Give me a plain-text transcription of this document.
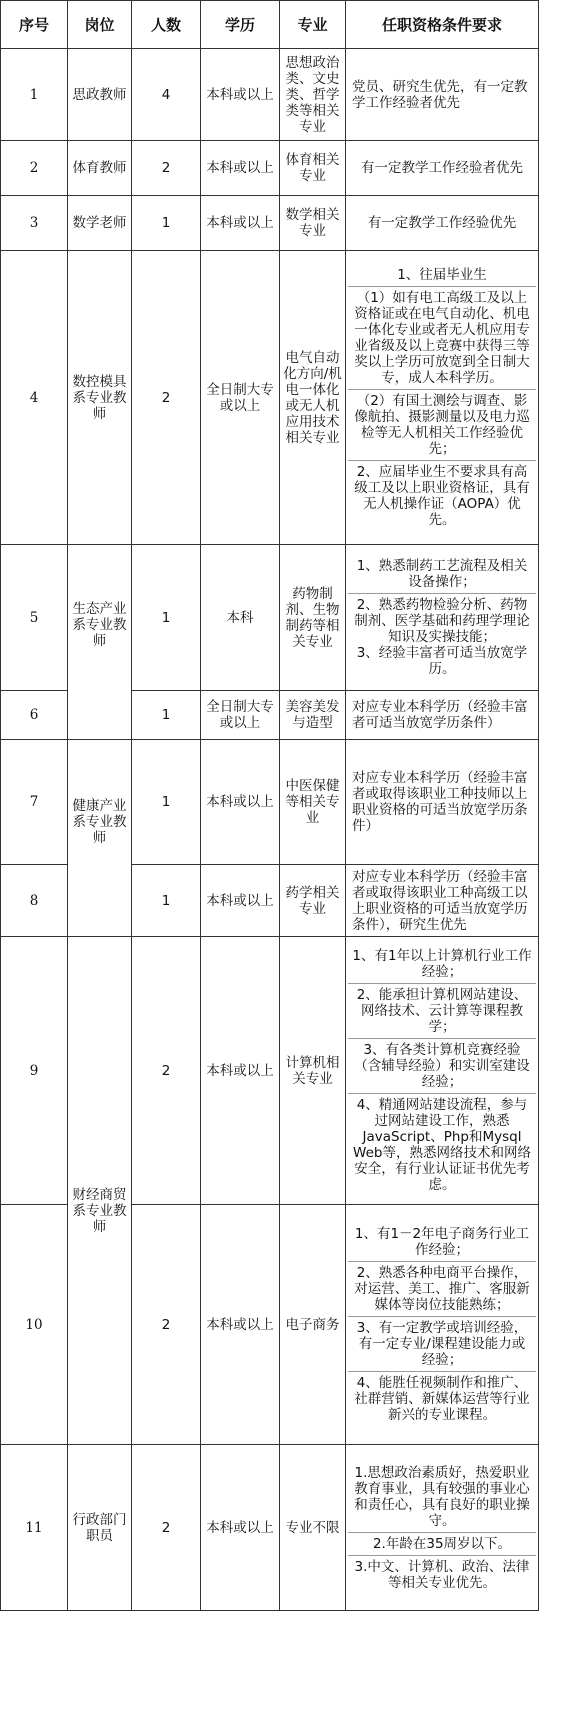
序号	岗位	人数	学历	专业	任职资格条件要求
1	思政教师	4	本科或以上	思想政治类、文史类、哲学类等相关专业	党员、研究生优先，有一定教学工作经验者优先

2	体育教师	2	本科或以上	体育相关专业	有一定教学工作经验者优先

3	数学老师	1	本科或以上	数学相关专业	有一定教学工作经验优先

4	数控模具系专业教师	2	全日制大专或以上	电气自动化方向/机电一体化或无人机应用技术相关专业	1、往届毕业生
（1）如有电工高级工及以上资格证或在电气自动化、机电一体化专业或者无人机应用专业省级及以上竞赛中获得三等奖以上学历可放宽到全日制大专，成人本科学历。
（2）有国土测绘与调查、影像航拍、摄影测量以及电力巡检等无人机相关工作经验优先；
2、应届毕业生不要求具有高级工及以上职业资格证，具有无人机操作证（AOPA）优先。

5	生态产业系专业教师	1	本科	药物制剂、生物制药等相关专业	1、熟悉制药工艺流程及相关设备操作；
2、熟悉药物检验分析、药物制剂、医学基础和药理学理论知识及实操技能；
3、经验丰富者可适当放宽学历。

6		1	全日制大专或以上	美容美发与造型	对应专业本科学历（经验丰富者可适当放宽学历条件）

7	健康产业系专业教师	1	本科或以上	中医保健等相关专业	对应专业本科学历（经验丰富者或取得该职业工种技师以上职业资格的可适当放宽学历条件）

8		1	本科或以上	药学相关专业	对应专业本科学历（经验丰富者或取得该职业工种高级工以上职业资格的可适当放宽学历条件），研究生优先

9	财经商贸系专业教师	2	本科或以上	计算机相关专业	1、有1年以上计算机行业工作经验；
2、能承担计算机网站建设、网络技术、云计算等课程教学；
3、有各类计算机竞赛经验（含辅导经验）和实训室建设经验；
4、精通网站建设流程，参与过网站建设工作，熟悉JavaScript、Php和Mysql Web等，熟悉网络技术和网络安全，有行业认证证书优先考虑。

10		2	本科或以上	电子商务	1、有1－2年电子商务行业工作经验；
2、熟悉各种电商平台操作，对运营、美工、推广、客服新媒体等岗位技能熟练；
3、有一定教学或培训经验，有一定专业/课程建设能力或经验；
4、能胜任视频制作和推广、社群营销、新媒体运营等行业新兴的专业课程。

11	行政部门职员	2	本科或以上	专业不限	1.思想政治素质好，热爱职业教育事业，具有较强的事业心和责任心，具有良好的职业操守。
2.年龄在35周岁以下。
3.中文、计算机、政治、法律等相关专业优先。
